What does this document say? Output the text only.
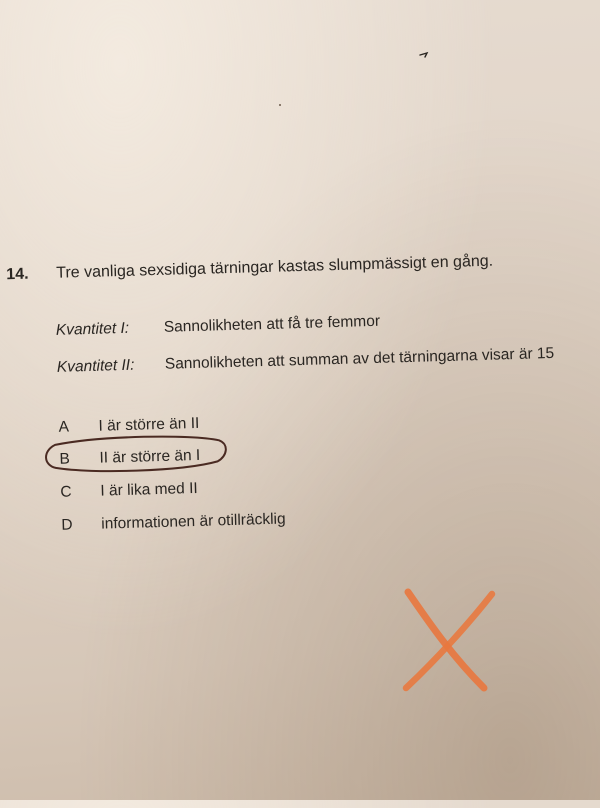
14. Tre vanliga sexsidiga tärningar kastas slumpmässigt en gång.
Kvantitet I: Sannolikheten att få tre femmor
Kvantitet II: Sannolikheten att summan av det tärningarna visar är 15
A	I är större än II
B	II är större än I
C	I är lika med II
D	informationen är otillräcklig
